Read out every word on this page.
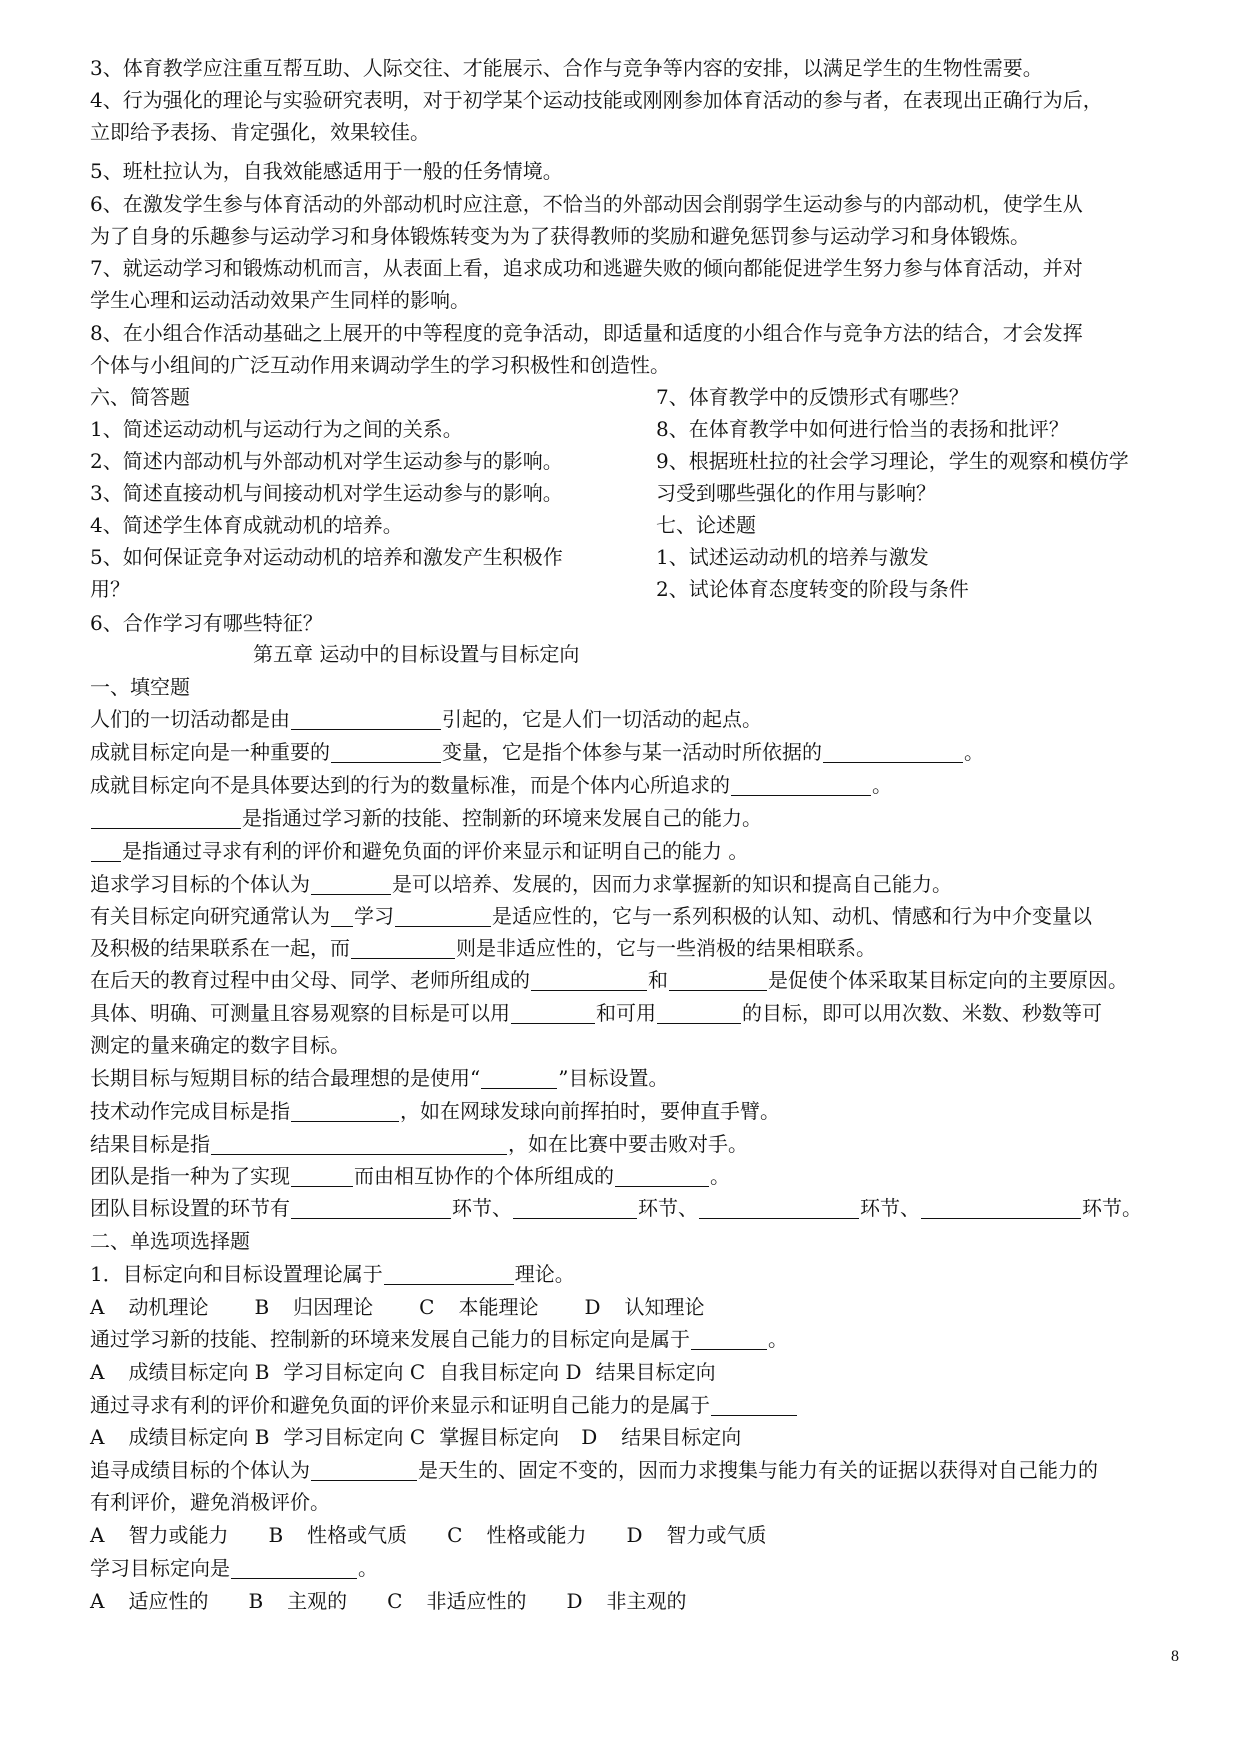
3、体育教学应注重互帮互助、人际交往、才能展示、合作与竞争等内容的安排，以满足学生的生物性需要。
4、行为强化的理论与实验研究表明，对于初学某个运动技能或刚刚参加体育活动的参与者，在表现出正确行为后，
立即给予表扬、肯定强化，效果较佳。
5、班杜拉认为，自我效能感适用于一般的任务情境。
6、在激发学生参与体育活动的外部动机时应注意，不恰当的外部动因会削弱学生运动参与的内部动机，使学生从
为了自身的乐趣参与运动学习和身体锻炼转变为为了获得教师的奖励和避免惩罚参与运动学习和身体锻炼。
7、就运动学习和锻炼动机而言，从表面上看，追求成功和逃避失败的倾向都能促进学生努力参与体育活动，并对
学生心理和运动活动效果产生同样的影响。
8、在小组合作活动基础之上展开的中等程度的竞争活动，即适量和适度的小组合作与竞争方法的结合，才会发挥
个体与小组间的广泛互动作用来调动学生的学习积极性和创造性。
六、简答题
1、简述运动动机与运动行为之间的关系。
2、简述内部动机与外部动机对学生运动参与的影响。
3、简述直接动机与间接动机对学生运动参与的影响。
4、简述学生体育成就动机的培养。
5、如何保证竞争对运动动机的培养和激发产生积极作
用？
6、合作学习有哪些特征？
7、体育教学中的反馈形式有哪些？
8、在体育教学中如何进行恰当的表扬和批评？
9、根据班杜拉的社会学习理论，学生的观察和模仿学
习受到哪些强化的作用与影响？
七、论述题
1、试述运动动机的培养与激发
2、试论体育态度转变的阶段与条件
第五章 运动中的目标设置与目标定向
一、填空题
人们的一切活动都是由	引起的，它是人们一切活动的起点。
成就目标定向是一种重要的	变量，它是指个体参与某一活动时所依据的	。
成就目标定向不是具体要达到的行为的数量标准，而是个体内心所追求的	。
是指通过学习新的技能、控制新的环境来发展自己的能力。
是指通过寻求有利的评价和避免负面的评价来显示和证明自己的能力 。
追求学习目标的个体认为	是可以培养、发展的，因而力求掌握新的知识和提高自己能力。
有关目标定向研究通常认为 学习	是适应性的，它与一系列积极的认知、动机、情感和行为中介变量以
及积极的结果联系在一起，而	则是非适应性的，它与一些消极的结果相联系。
在后天的教育过程中由父母、同学、老师所组成的	和	是促使个体采取某目标定向的主要原因。
具体、明确、可测量且容易观察的目标是可以用	和可用	的目标，即可以用次数、米数、秒数等可
测定的量来确定的数字目标。
长期目标与短期目标的结合最理想的是使用“	”目标设置。
技术动作完成目标是指	，如在网球发球向前挥拍时，要伸直手臂。
结果目标是指	，如在比赛中要击败对手。
团队是指一种为了实现	而由相互协作的个体所组成的	。
团队目标设置的环节有	环节、	环节、	环节、	环节。
二、单选项选择题
1．目标定向和目标设置理论属于	理论。
A 动机理论 B 归因理论 C 本能理论 D 认知理论
通过学习新的技能、控制新的环境来发展自己能力的目标定向是属于	。
A 成绩目标定向 B 学习目标定向 C 自我目标定向 D 结果目标定向
通过寻求有利的评价和避免负面的评价来显示和证明自己能力的是属于
A 成绩目标定向 B 学习目标定向 C 掌握目标定向 D 结果目标定向
追寻成绩目标的个体认为	是天生的、固定不变的，因而力求搜集与能力有关的证据以获得对自己能力的
有利评价，避免消极评价。
A 智力或能力 B 性格或气质 C 性格或能力 D 智力或气质
学习目标定向是	。
A 适应性的 B 主观的 C 非适应性的 D 非主观的
8
